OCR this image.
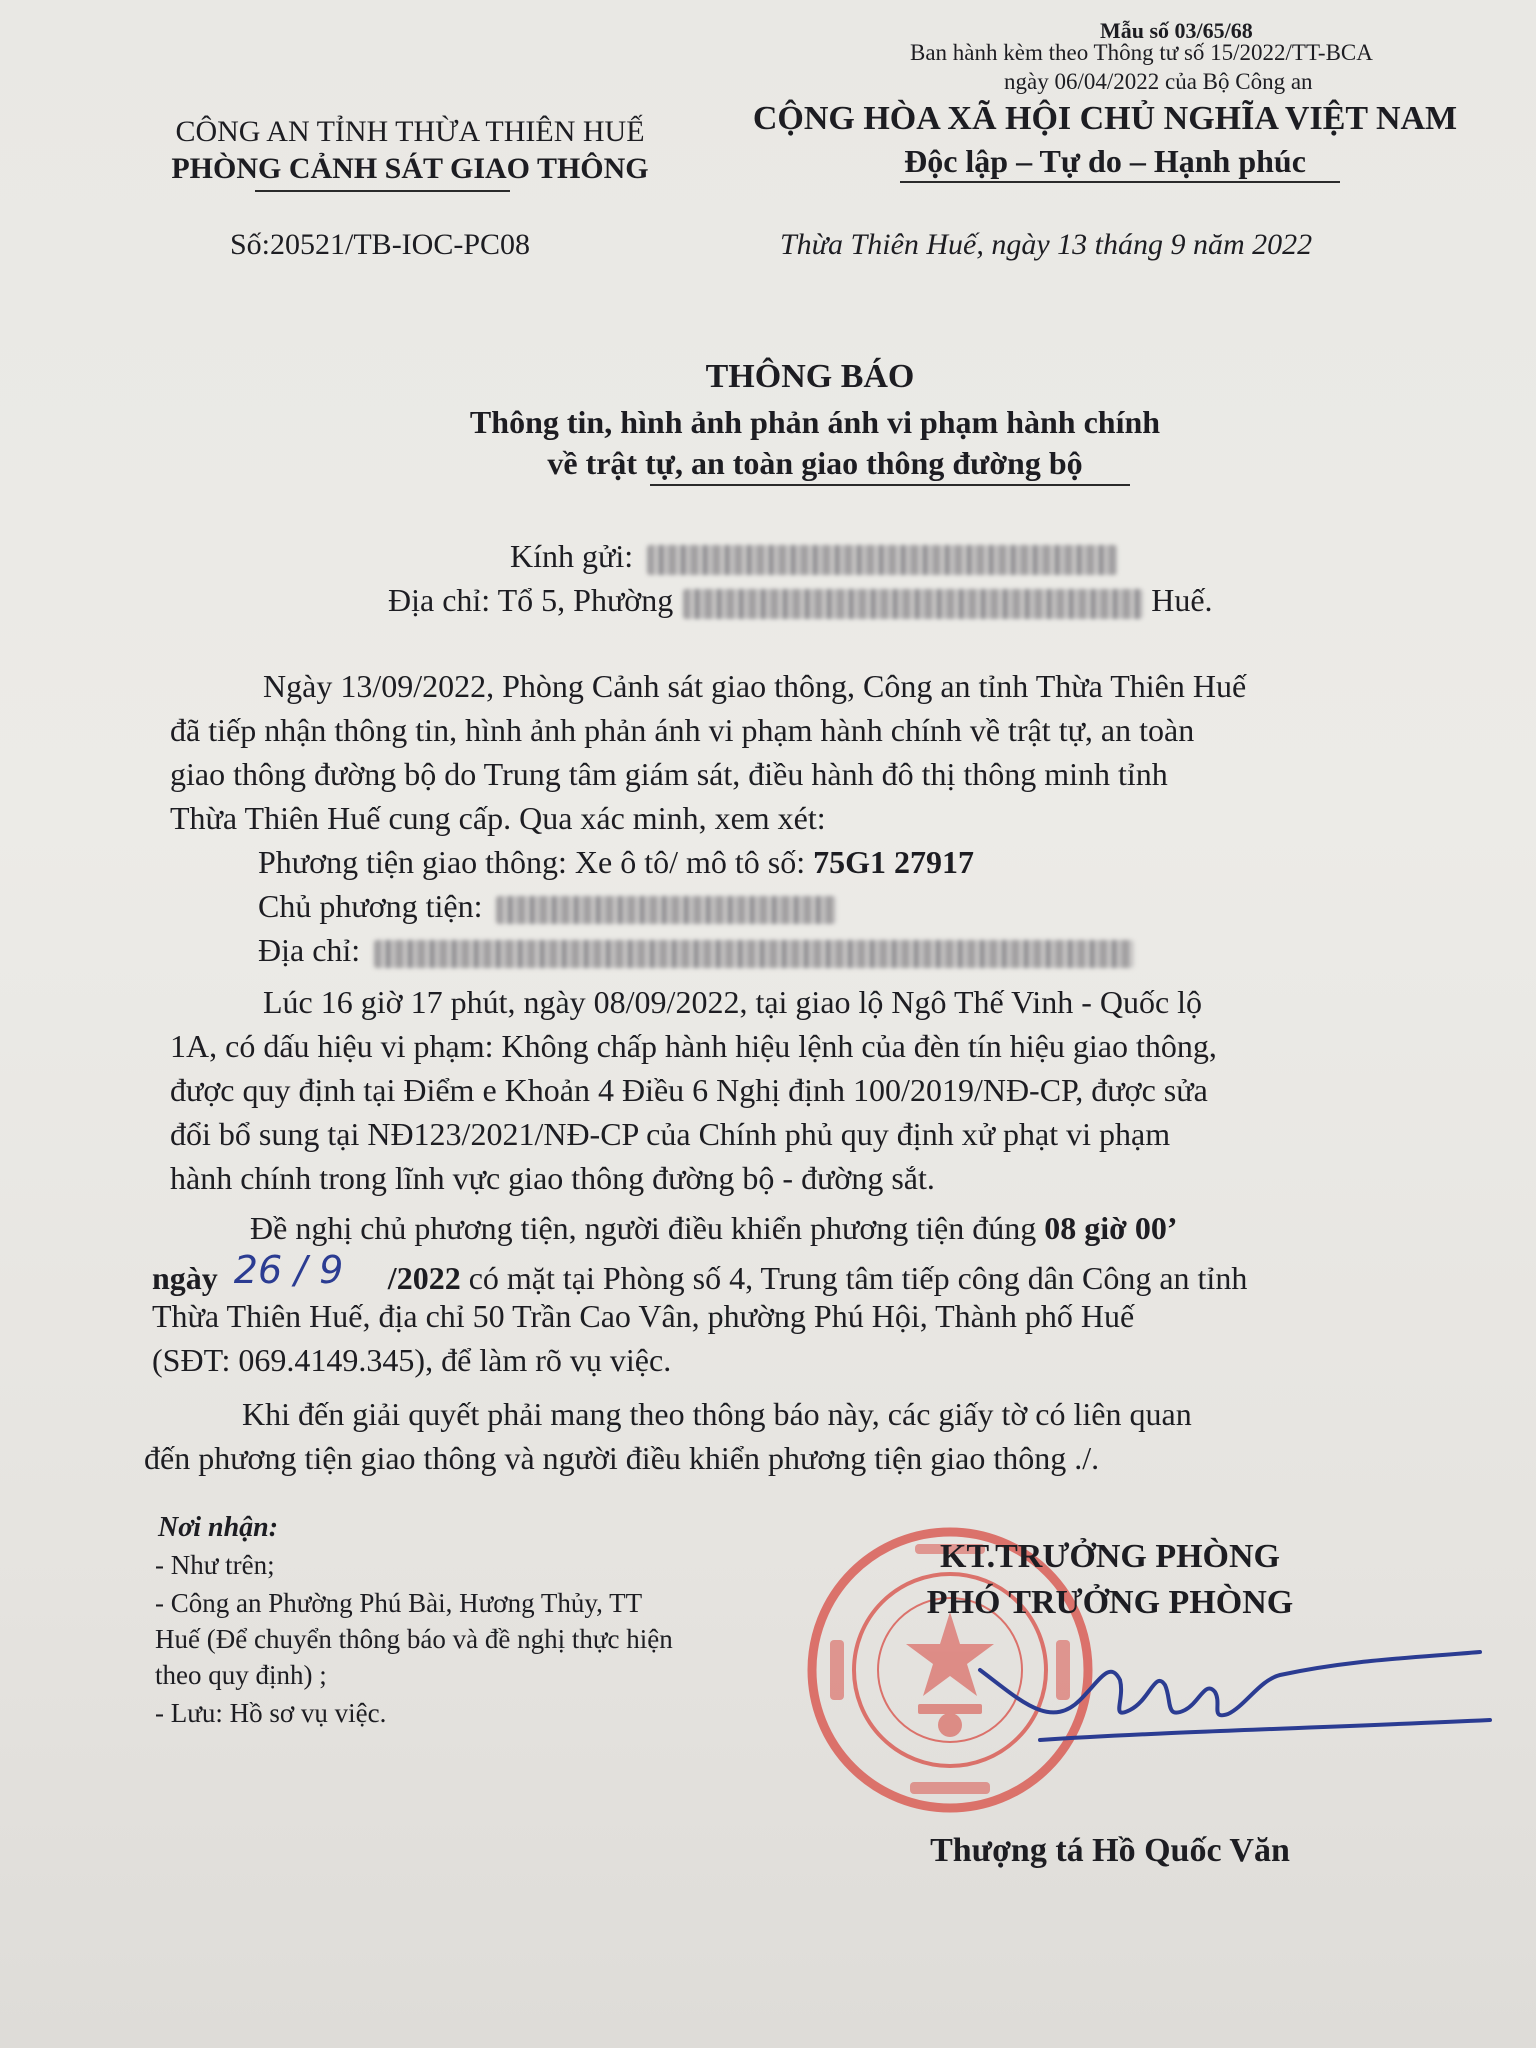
Mẫu số 03/65/68
Ban hành kèm theo Thông tư số 15/2022/TT-BCA
ngày 06/04/2022 của Bộ Công an
CÔNG AN TỈNH THỪA THIÊN HUẾ
PHÒNG CẢNH SÁT GIAO THÔNG
CỘNG HÒA XÃ HỘI CHỦ NGHĨA VIỆT NAM
Độc lập – Tự do – Hạnh phúc
Số:20521/TB-IOC-PC08	Thừa Thiên Huế, ngày 13 tháng 9 năm 2022
THÔNG BÁO
Thông tin, hình ảnh phản ánh vi phạm hành chính
về trật tự, an toàn giao thông đường bộ
Kính gửi:
Địa chỉ: Tổ 5, Phường	Huế.
Ngày 13/09/2022, Phòng Cảnh sát giao thông, Công an tỉnh Thừa Thiên Huế
đã tiếp nhận thông tin, hình ảnh phản ánh vi phạm hành chính về trật tự, an toàn
giao thông đường bộ do Trung tâm giám sát, điều hành đô thị thông minh tỉnh
Thừa Thiên Huế cung cấp. Qua xác minh, xem xét:
Phương tiện giao thông: Xe ô tô/ mô tô số: 75G1 27917
Chủ phương tiện:
Địa chỉ:
Lúc 16 giờ 17 phút, ngày 08/09/2022, tại giao lộ Ngô Thế Vinh - Quốc lộ
1A, có dấu hiệu vi phạm: Không chấp hành hiệu lệnh của đèn tín hiệu giao thông,
được quy định tại Điểm e Khoản 4 Điều 6 Nghị định 100/2019/NĐ-CP, được sửa
đổi bổ sung tại NĐ123/2021/NĐ-CP của Chính phủ quy định xử phạt vi phạm
hành chính trong lĩnh vực giao thông đường bộ - đường sắt.
Đề nghị chủ phương tiện, người điều khiển phương tiện đúng 08 giờ 00’
ngày 26 / 9 /2022 có mặt tại Phòng số 4, Trung tâm tiếp công dân Công an tỉnh
Thừa Thiên Huế, địa chỉ 50 Trần Cao Vân, phường Phú Hội, Thành phố Huế
(SĐT: 069.4149.345), để làm rõ vụ việc.
Khi đến giải quyết phải mang theo thông báo này, các giấy tờ có liên quan
đến phương tiện giao thông và người điều khiển phương tiện giao thông ./.
Nơi nhận:
- Như trên;
- Công an Phường Phú Bài, Hương Thủy, TT
Huế (Để chuyển thông báo và đề nghị thực hiện
theo quy định) ;
- Lưu: Hồ sơ vụ việc.
KT.TRƯỞNG PHÒNG
PHÓ TRƯỞNG PHÒNG
Thượng tá Hồ Quốc Văn
